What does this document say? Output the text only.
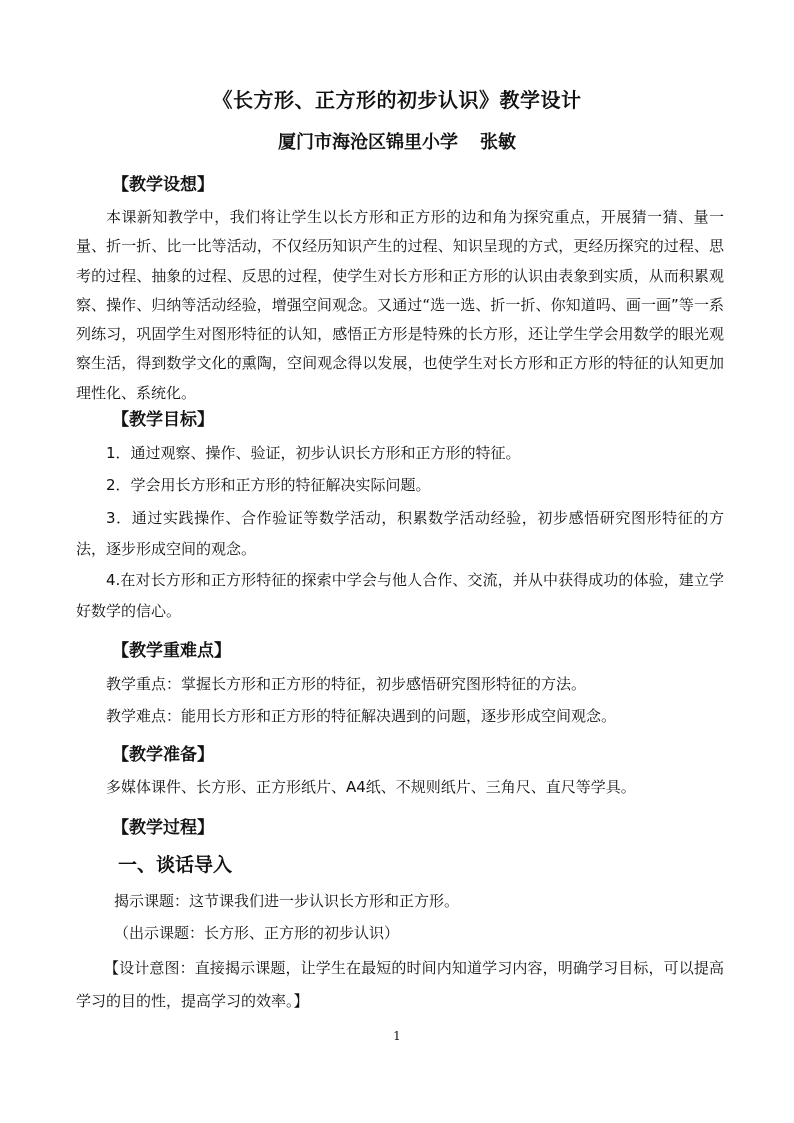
《长方形、正方形的初步认识》教学设计
厦门市海沧区锦里小学 张敏
【教学设想】

本课新知教学中，我们将让学生以长方形和正方形的边和角为探究重点，开展猜一猜、量一量、折一折、比一比等活动，不仅经历知识产生的过程、知识呈现的方式，更经历探究的过程、思考的过程、抽象的过程、反思的过程，使学生对长方形和正方形的认识由表象到实质，从而积累观察、操作、归纳等活动经验，增强空间观念。又通过“选一选、折一折、你知道吗、画一画”等一系列练习，巩固学生对图形特征的认知，感悟正方形是特殊的长方形，还让学生学会用数学的眼光观察生活，得到数学文化的熏陶，空间观念得以发展，也使学生对长方形和正方形的特征的认知更加理性化、系统化。

【教学目标】
1．通过观察、操作、验证，初步认识长方形和正方形的特征。
2．学会用长方形和正方形的特征解决实际问题。

3．通过实践操作、合作验证等数学活动，积累数学活动经验，初步感悟研究图形特征的方法，逐步形成空间的观念。

4.在对长方形和正方形特征的探索中学会与他人合作、交流，并从中获得成功的体验，建立学好数学的信心。

【教学重难点】
教学重点：掌握长方形和正方形的特征，初步感悟研究图形特征的方法。
教学难点：能用长方形和正方形的特征解决遇到的问题，逐步形成空间观念。
【教学准备】
多媒体课件、长方形、正方形纸片、A4纸、不规则纸片、三角尺、直尺等学具。
【教学过程】
一、谈话导入
揭示课题：这节课我们进一步认识长方形和正方形。
（出示课题：长方形、正方形的初步认识）

【设计意图：直接揭示课题，让学生在最短的时间内知道学习内容，明确学习目标，可以提高学习的目的性，提高学习的效率。】

1
